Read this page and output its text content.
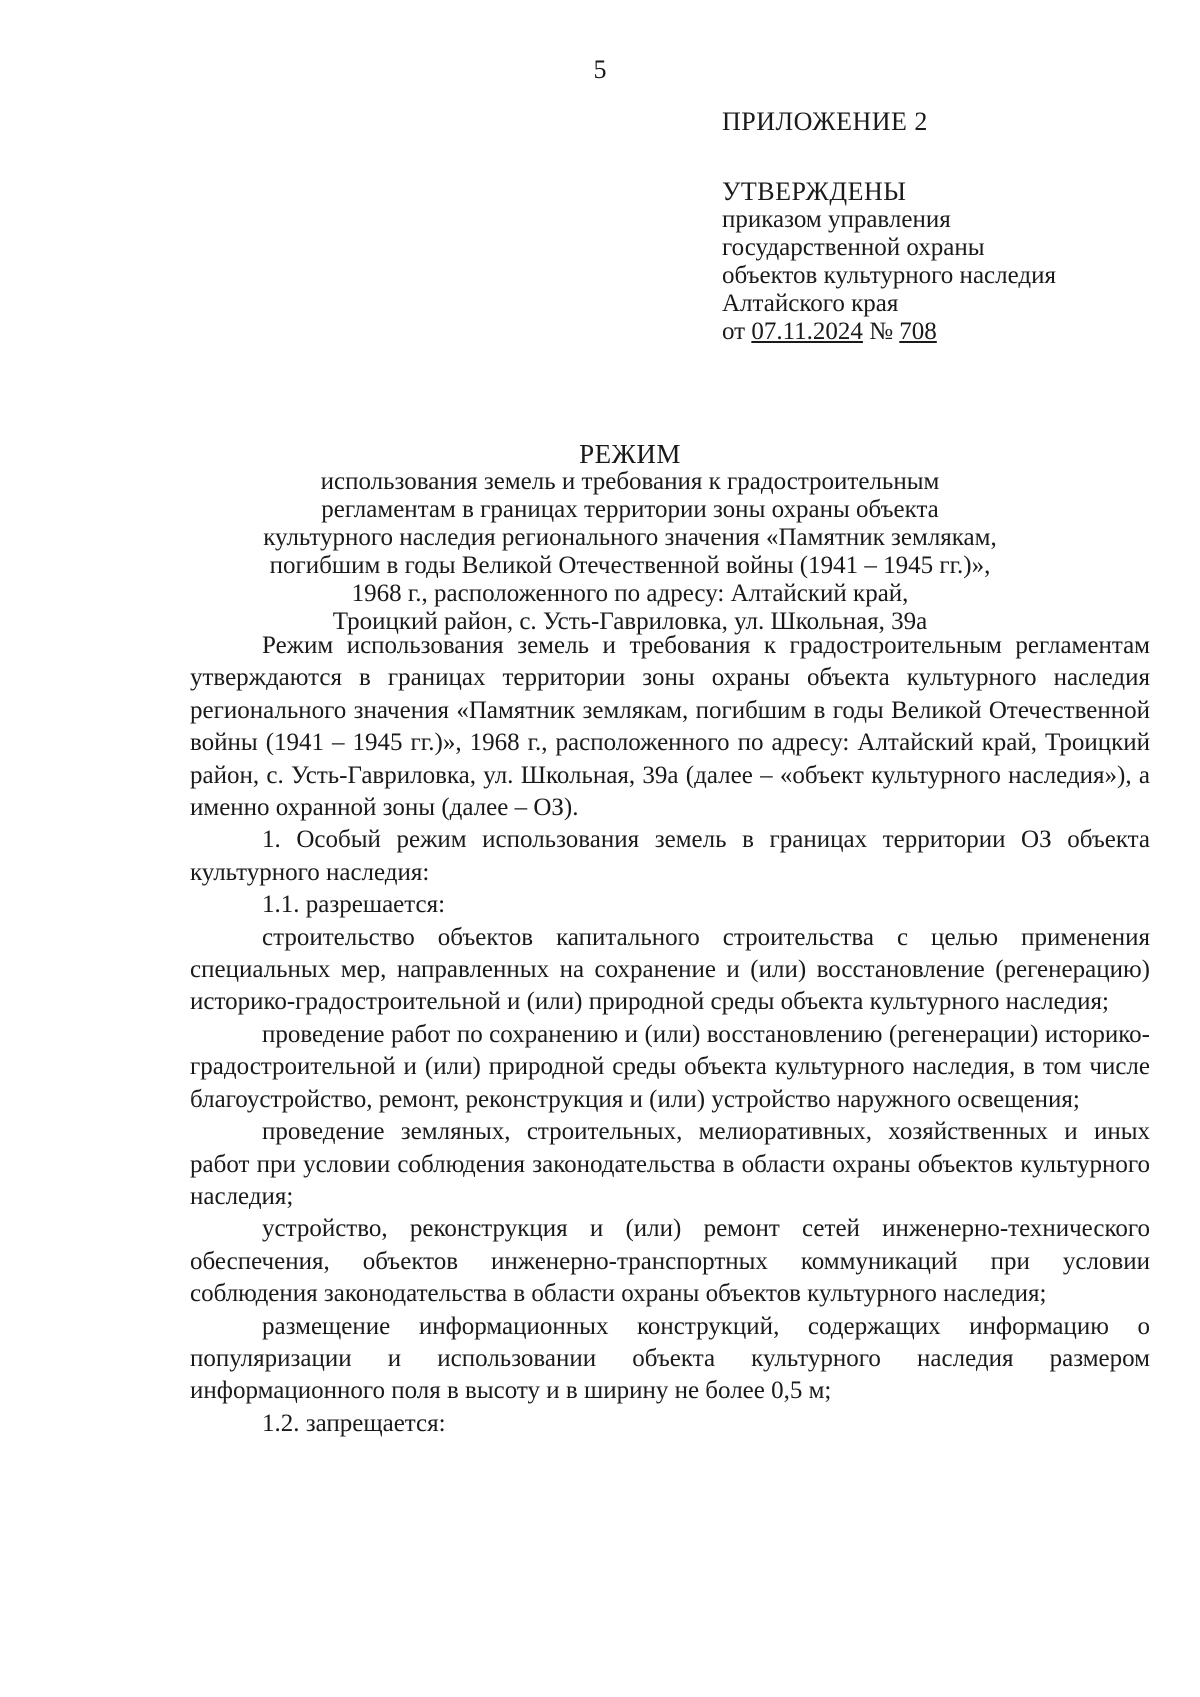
5
ПРИЛОЖЕНИЕ 2
УТВЕРЖДЕНЫ
приказом управления
государственной охраны
объектов культурного наследия
Алтайского края
от 07.11.2024 № 708
РЕЖИМ
использования земель и требования к градостроительным
регламентам в границах территории зоны охраны объекта
культурного наследия регионального значения «Памятник землякам,
погибшим в годы Великой Отечественной войны (1941 – 1945 гг.)»,
1968 г., расположенного по адресу: Алтайский край,
Троицкий район, с. Усть-Гавриловка, ул. Школьная, 39а

Режим использования земель и требования к градостроительным регламентам утверждаются в границах территории зоны охраны объекта культурного наследия регионального значения «Памятник землякам, погибшим в годы Великой Отечественной войны (1941 – 1945 гг.)», 1968 г., расположенного по адресу: Алтайский край, Троицкий район, с. Усть-Гавриловка, ул. Школьная, 39а (далее – «объект культурного наследия»), а именно охранной зоны (далее – ОЗ).

1. Особый режим использования земель в границах территории ОЗ объекта культурного наследия:

1.1. разрешается:

строительство объектов капитального строительства с целью применения специальных мер, направленных на сохранение и (или) восстановление (регенерацию) историко-градостроительной и (или) природной среды объекта культурного наследия;

проведение работ по сохранению и (или) восстановлению (регенерации) историко-градостроительной и (или) природной среды объекта культурного наследия, в том числе благоустройство, ремонт, реконструкция и (или) устройство наружного освещения;

проведение земляных, строительных, мелиоративных, хозяйственных и иных работ при условии соблюдения законодательства в области охраны объектов культурного наследия;

устройство, реконструкция и (или) ремонт сетей инженерно-технического обеспечения, объектов инженерно-транспортных коммуникаций при условии соблюдения законодательства в области охраны объектов культурного наследия;

размещение информационных конструкций, содержащих информацию о популяризации и использовании объекта культурного наследия размером информационного поля в высоту и в ширину не более 0,5 м;

1.2. запрещается:
